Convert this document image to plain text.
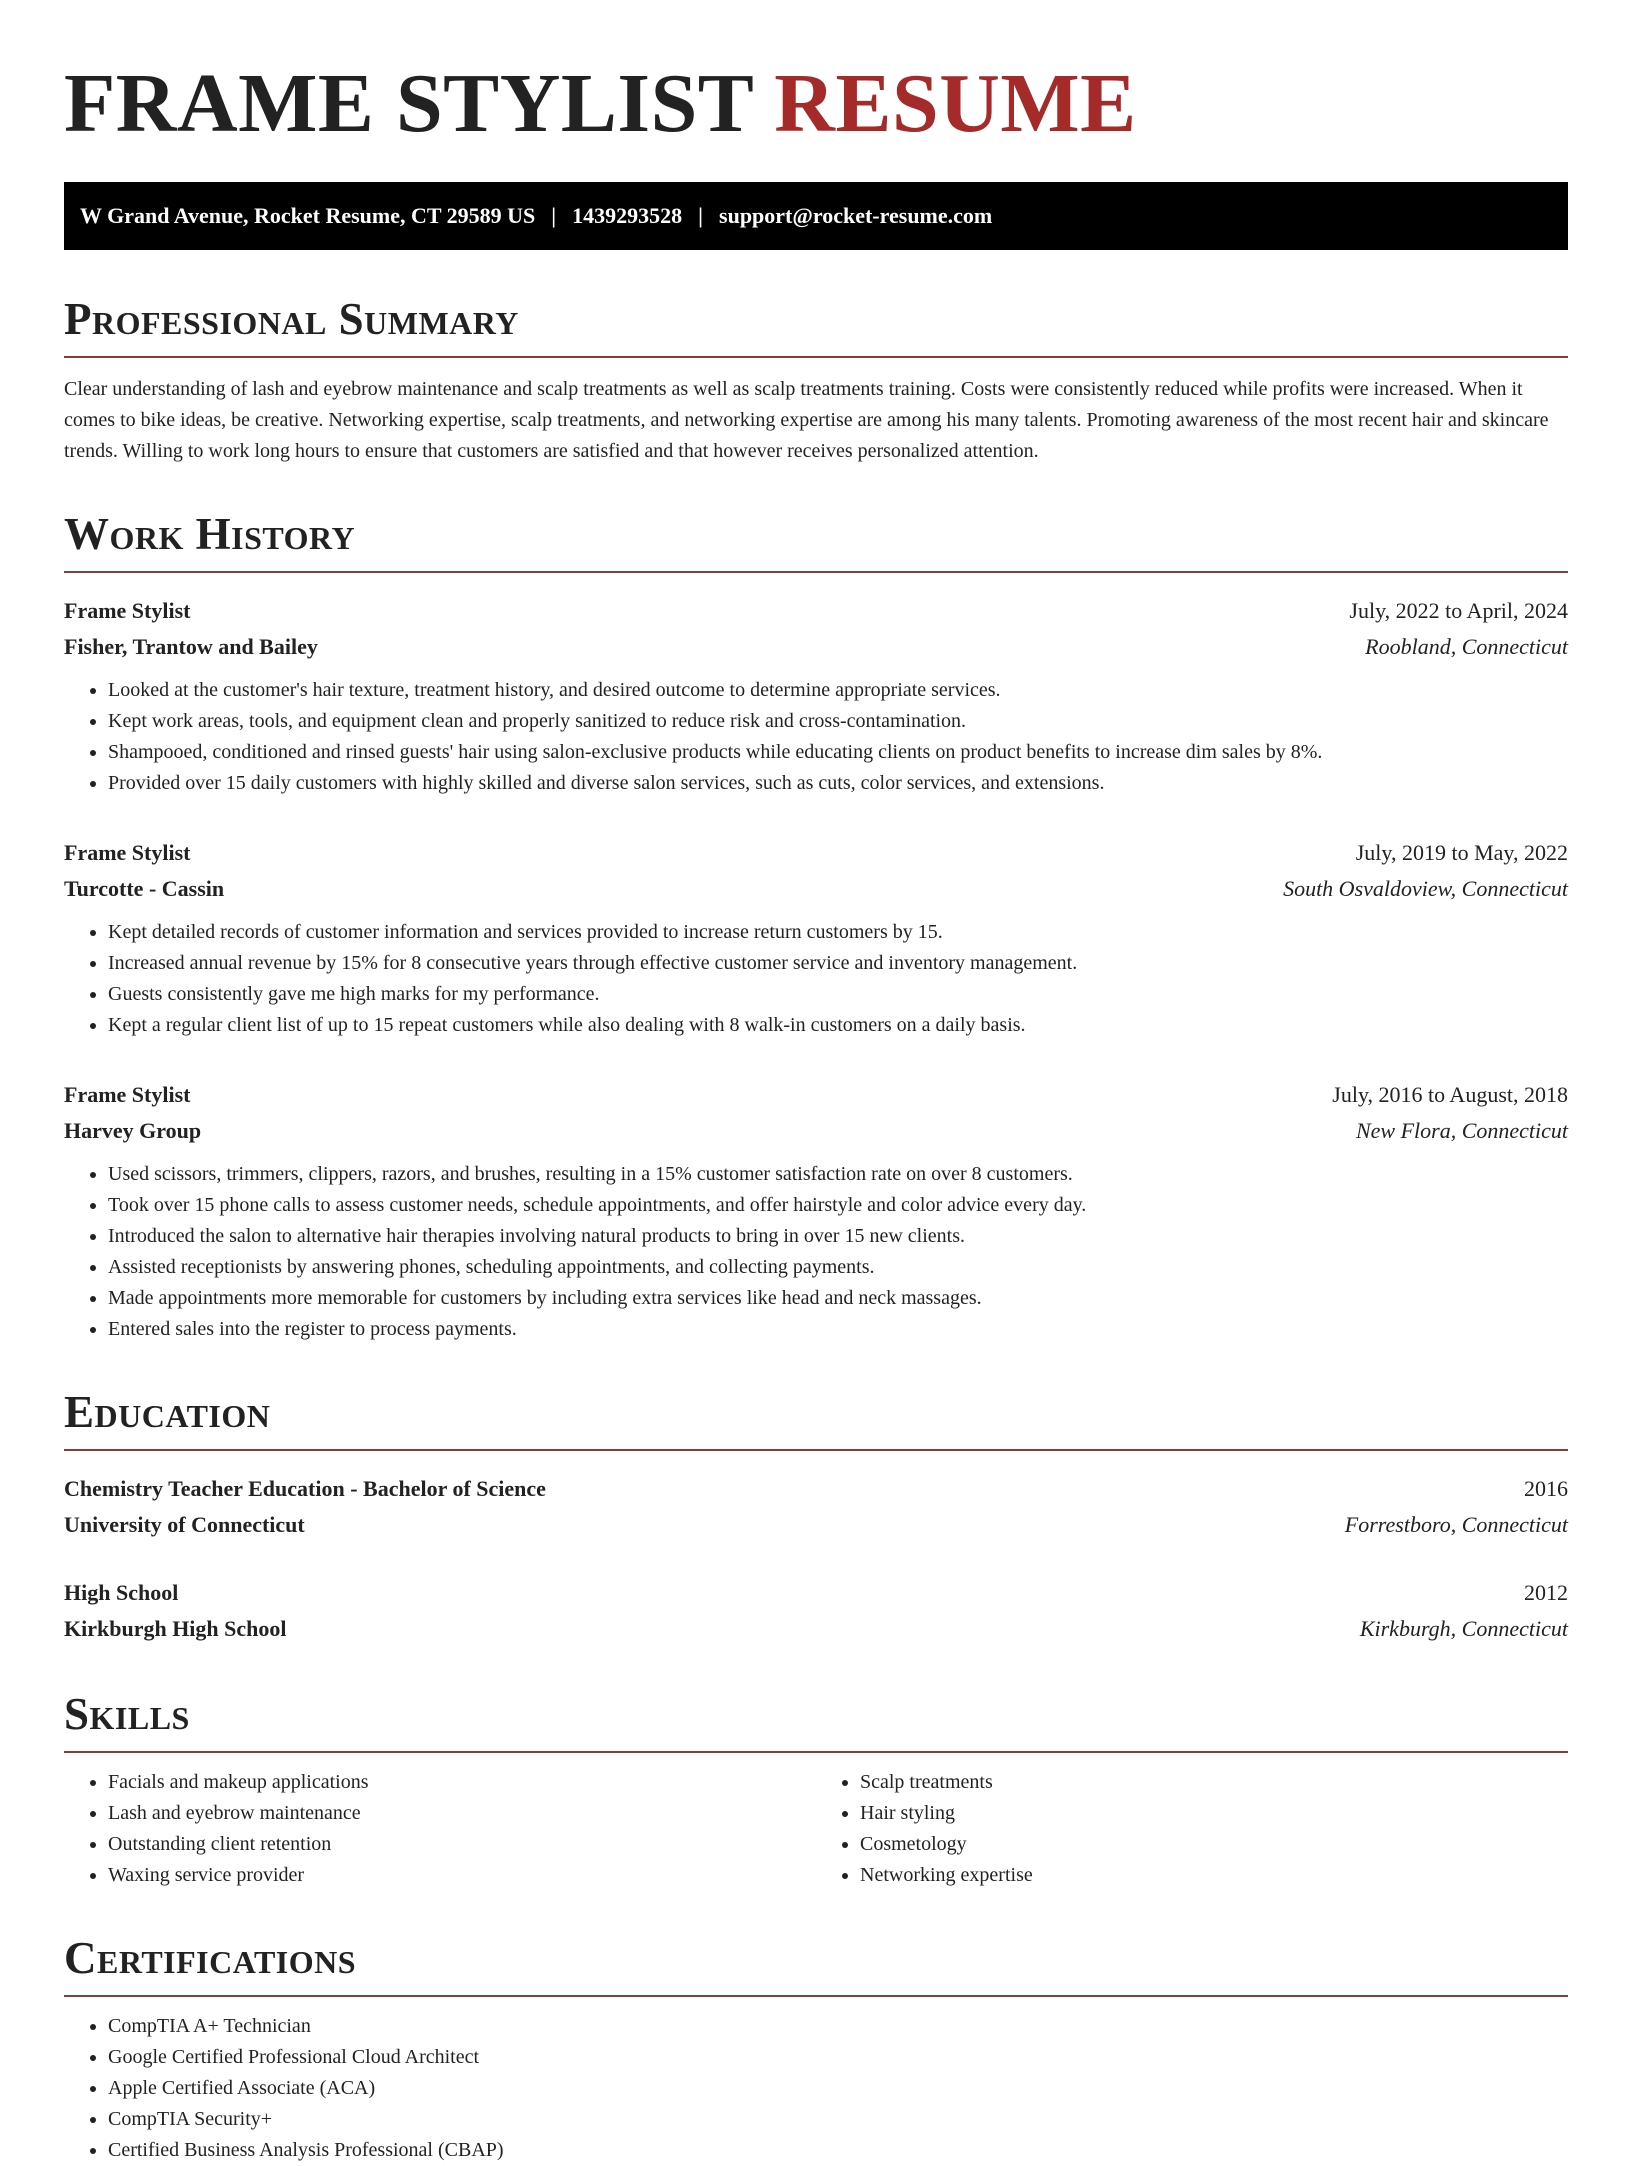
FRAME STYLIST RESUME
W Grand Avenue, Rocket Resume, CT 29589 US | 1439293528 | support@rocket-resume.com
Professional Summary

Clear understanding of lash and eyebrow maintenance and scalp treatments as well as scalp treatments training. Costs were consistently reduced while profits were increased. When it comes to bike ideas, be creative. Networking expertise, scalp treatments, and networking expertise are among his many talents. Promoting awareness of the most recent hair and skincare trends. Willing to work long hours to ensure that customers are satisfied and that however receives personalized attention.

Work History
Frame Stylist	July, 2022 to April, 2024
Fisher, Trantow and Bailey	Roobland, Connecticut
• Looked at the customer's hair texture, treatment history, and desired outcome to determine appropriate services.
• Kept work areas, tools, and equipment clean and properly sanitized to reduce risk and cross-contamination.
• Shampooed, conditioned and rinsed guests' hair using salon-exclusive products while educating clients on product benefits to increase dim sales by 8%.
• Provided over 15 daily customers with highly skilled and diverse salon services, such as cuts, color services, and extensions.
Frame Stylist	July, 2019 to May, 2022
Turcotte - Cassin	South Osvaldoview, Connecticut
• Kept detailed records of customer information and services provided to increase return customers by 15.
• Increased annual revenue by 15% for 8 consecutive years through effective customer service and inventory management.
• Guests consistently gave me high marks for my performance.
• Kept a regular client list of up to 15 repeat customers while also dealing with 8 walk-in customers on a daily basis.
Frame Stylist	July, 2016 to August, 2018
Harvey Group	New Flora, Connecticut
• Used scissors, trimmers, clippers, razors, and brushes, resulting in a 15% customer satisfaction rate on over 8 customers.
• Took over 15 phone calls to assess customer needs, schedule appointments, and offer hairstyle and color advice every day.
• Introduced the salon to alternative hair therapies involving natural products to bring in over 15 new clients.
• Assisted receptionists by answering phones, scheduling appointments, and collecting payments.
• Made appointments more memorable for customers by including extra services like head and neck massages.
• Entered sales into the register to process payments.
Education
Chemistry Teacher Education - Bachelor of Science	2016
University of Connecticut	Forrestboro, Connecticut
High School	2012
Kirkburgh High School	Kirkburgh, Connecticut
Skills
• Facials and makeup applications
• Lash and eyebrow maintenance
• Outstanding client retention
• Waxing service provider
• Scalp treatments
• Hair styling
• Cosmetology
• Networking expertise
Certifications
• CompTIA A+ Technician
• Google Certified Professional Cloud Architect
• Apple Certified Associate (ACA)
• CompTIA Security+
• Certified Business Analysis Professional (CBAP)
